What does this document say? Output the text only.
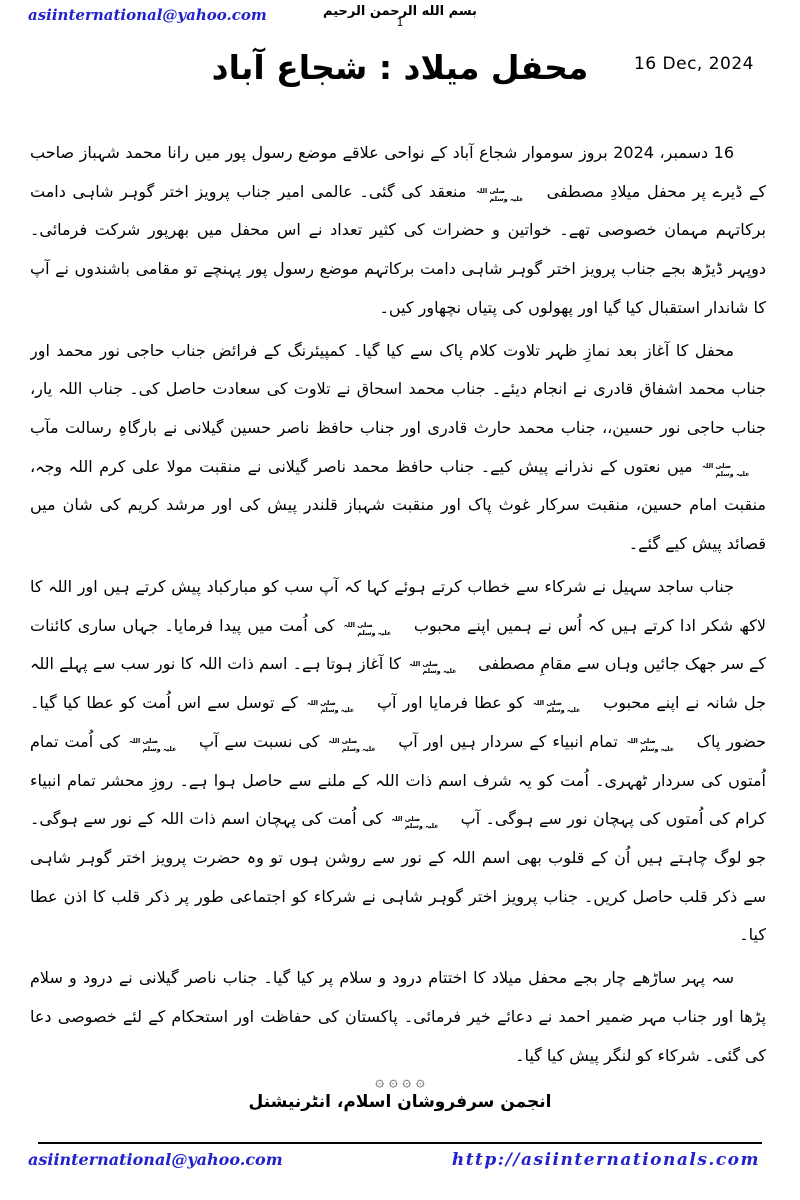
asiinternational@yahoo.com	بسم الله الرحمن الرحيم
1
16 Dec, 2024
محفل میلاد : شجاع آباد

16 دسمبر، 2024 بروز سوموار شجاع آباد کے نواحی علاقے موضع رسول پور میں رانا محمد شہباز صاحب کے ڈیرے پر محفل میلادِ مصطفی صلی اللہ
علیہ وسلم منعقد کی گئی۔ عالمی امیر جناب پرویز اختر گوہر شاہی دامت برکاتہم مہمان خصوصی تھے۔ خواتین و حضرات کی کثیر تعداد نے اس محفل میں بھرپور شرکت فرمائی۔ دوپہر ڈیڑھ بجے جناب پرویز اختر گوہر شاہی دامت برکاتہم موضع رسول پور پہنچے تو مقامی باشندوں نے آپ کا شاندار استقبال کیا گیا اور پھولوں کی پتیاں نچھاور کیں۔

محفل کا آغاز بعد نمازِ ظہر تلاوت کلام پاک سے کیا گیا۔ کمپیئرنگ کے فرائض جناب حاجی نور محمد اور جناب محمد اشفاق قادری نے انجام دیئے۔ جناب محمد اسحاق نے تلاوت کی سعادت حاصل کی۔ جناب اللہ یار، جناب حاجی نور حسین،، جناب محمد حارث قادری اور جناب حافظ ناصر حسین گیلانی نے بارگاہِ رسالت مآب صلی اللہ
علیہ وسلم میں نعتوں کے نذرانے پیش کیے۔ جناب حافظ محمد ناصر گیلانی نے منقبت مولا علی کرم اللہ وجہ، منقبت امام حسین، منقبت سرکار غوث پاک اور منقبت شہباز قلندر پیش کی اور مرشد کریم کی شان میں قصائد پیش کیے گئے۔

جناب ساجد سہیل نے شرکاء سے خطاب کرتے ہوئے کہا کہ آپ سب کو مبارکباد پیش کرتے ہیں اور اللہ کا لاکھ شکر ادا کرتے ہیں کہ اُس نے ہمیں اپنے محبوب صلی اللہ
علیہ وسلم کی اُمت میں پیدا فرمایا۔ جہاں ساری کائنات کے سر جھک جائیں وہاں سے مقامِ مصطفی صلی اللہ
علیہ وسلم کا آغاز ہوتا ہے۔ اسم ذات اللہ کا نور سب سے پہلے اللہ جل شانہ نے اپنے محبوب صلی اللہ
علیہ وسلم کو عطا فرمایا اور آپ صلی اللہ
علیہ وسلم کے توسل سے اس اُمت کو عطا کیا گیا۔ حضور پاک صلی اللہ
علیہ وسلم تمام انبیاء کے سردار ہیں اور آپ صلی اللہ
علیہ وسلم کی نسبت سے آپ صلی اللہ
علیہ وسلم کی اُمت تمام اُمتوں کی سردار ٹھہری۔ اُمت کو یہ شرف اسم ذات اللہ کے ملنے سے حاصل ہوا ہے۔ روزِ محشر تمام انبیاء کرام کی اُمتوں کی پہچان نور سے ہوگی۔ آپ صلی اللہ
علیہ وسلم کی اُمت کی پہچان اسم ذات اللہ کے نور سے ہوگی۔ جو لوگ چاہتے ہیں اُن کے قلوب بھی اسم اللہ کے نور سے روشن ہوں تو وہ حضرت پرویز اختر گوہر شاہی سے ذکر قلب حاصل کریں۔ جناب پرویز اختر گوہر شاہی نے شرکاء کو اجتماعی طور پر ذکر قلب کا اذن عطا کیا۔

سہ پہر ساڑھے چار بجے محفل میلاد کا اختتام درود و سلام پر کیا گیا۔ جناب ناصر گیلانی نے درود و سلام پڑھا اور جناب مہر ضمیر احمد نے دعائے خیر فرمائی۔ پاکستان کی حفاظت اور استحکام کے لئے خصوصی دعا کی گئی۔ شرکاء کو لنگر پیش کیا گیا۔

۞ ۞ ۞ ۞
انجمن سرفروشان اسلام، انٹرنیشنل
asiinternational@yahoo.com	http://asiinternationals.com
